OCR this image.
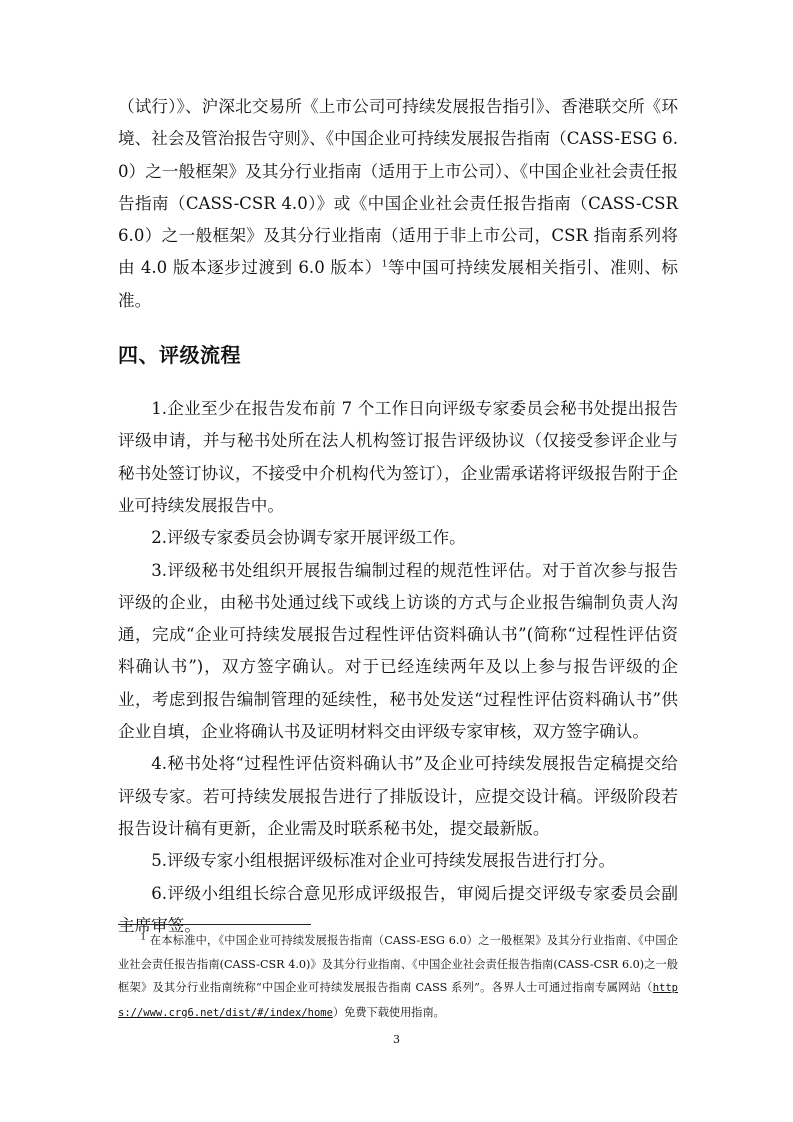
（试行）》、沪深北交易所《上市公司可持续发展报告指引》、香港联交所《环境、社会及管治报告守则》、《中国企业可持续发展报告指南（CASS-ESG 6.0）之一般框架》及其分行业指南（适用于上市公司）、《中国企业社会责任报告指南（CASS-CSR 4.0）》或《中国企业社会责任报告指南（CASS-CSR 6.0）之一般框架》及其分行业指南（适用于非上市公司，CSR 指南系列将由 4.0 版本逐步过渡到 6.0 版本）$^1$等中国可持续发展相关指引、准则、标准。

四、评级流程

1.企业至少在报告发布前 7 个工作日向评级专家委员会秘书处提出报告评级申请，并与秘书处所在法人机构签订报告评级协议（仅接受参评企业与秘书处签订协议，不接受中介机构代为签订），企业需承诺将评级报告附于企业可持续发展报告中。

2.评级专家委员会协调专家开展评级工作。

3.评级秘书处组织开展报告编制过程的规范性评估。对于首次参与报告评级的企业，由秘书处通过线下或线上访谈的方式与企业报告编制负责人沟通，完成“企业可持续发展报告过程性评估资料确认书”(简称“过程性评估资料确认书”)，双方签字确认。对于已经连续两年及以上参与报告评级的企业，考虑到报告编制管理的延续性，秘书处发送“过程性评估资料确认书”供企业自填，企业将确认书及证明材料交由评级专家审核，双方签字确认。

4.秘书处将“过程性评估资料确认书”及企业可持续发展报告定稿提交给评级专家。若可持续发展报告进行了排版设计，应提交设计稿。评级阶段若报告设计稿有更新，企业需及时联系秘书处，提交最新版。

5.评级专家小组根据评级标准对企业可持续发展报告进行打分。

6.评级小组组长综合意见形成评级报告，审阅后提交评级专家委员会副主席审签。

$^1$ 在本标准中，《中国企业可持续发展报告指南（CASS-ESG 6.0）之一般框架》及其分行业指南、《中国企业社会责任报告指南(CASS-CSR 4.0)》及其分行业指南、《中国企业社会责任报告指南(CASS-CSR 6.0)之一般框架》及其分行业指南统称“中国企业可持续发展报告指南 CASS 系列”。各界人士可通过指南专属网站（https://www.crg6.net/dist/#/index/home）免费下载使用指南。

3
